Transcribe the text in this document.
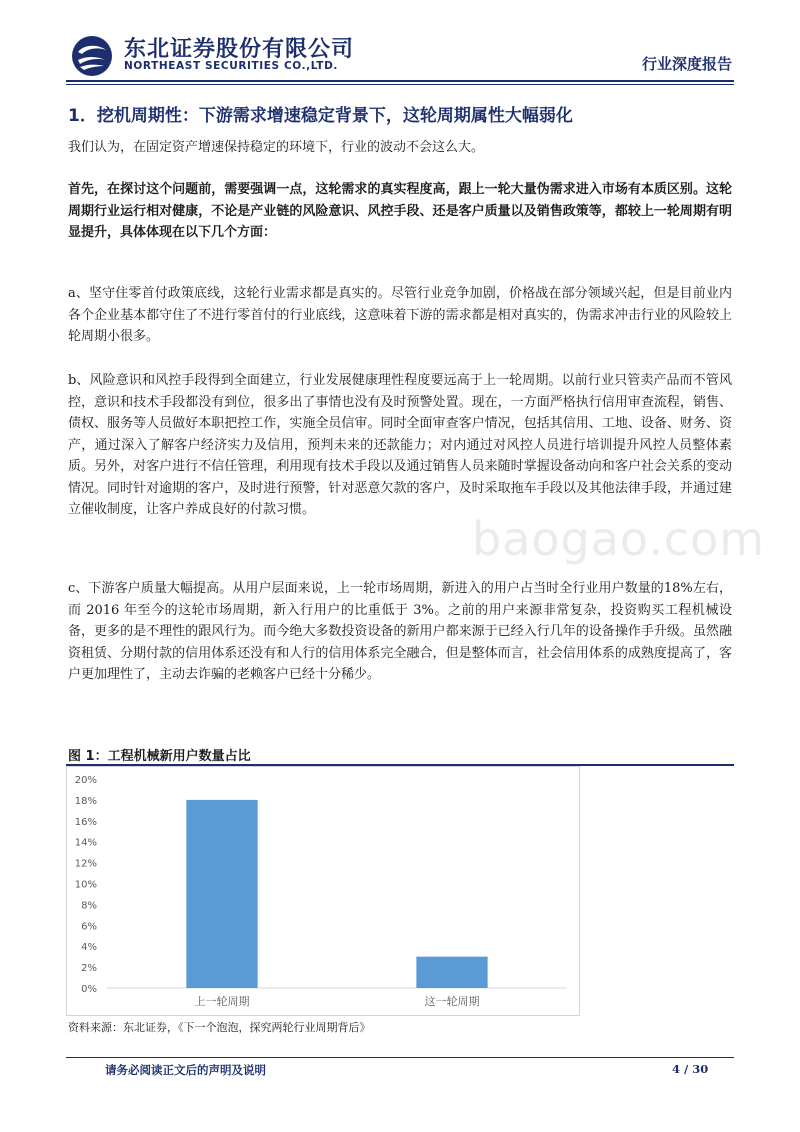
东北证券股份有限公司
NORTHEAST SECURITIES CO.,LTD.	行业深度报告
baogao.com
1．挖机周期性：下游需求增速稳定背景下，这轮周期属性大幅弱化
我们认为，在固定资产增速保持稳定的环境下，行业的波动不会这么大。
首先，在探讨这个问题前，需要强调一点，这轮需求的真实程度高，跟上一轮大量伪需求进入市场有本质区别。这轮周期行业运行相对健康，不论是产业链的风险意识、风控手段、还是客户质量以及销售政策等，都较上一轮周期有明显提升，具体体现在以下几个方面：
a、坚守住零首付政策底线，这轮行业需求都是真实的。尽管行业竞争加剧，价格战在部分领域兴起，但是目前业内各个企业基本都守住了不进行零首付的行业底线，这意味着下游的需求都是相对真实的，伪需求冲击行业的风险较上轮周期小很多。
b、风险意识和风控手段得到全面建立，行业发展健康理性程度要远高于上一轮周期。以前行业只管卖产品而不管风控，意识和技术手段都没有到位，很多出了事情也没有及时预警处置。现在，一方面严格执行信用审查流程，销售、债权、服务等人员做好本职把控工作，实施全员信审。同时全面审查客户情况，包括其信用、工地、设备、财务、资产，通过深入了解客户经济实力及信用，预判未来的还款能力；对内通过对风控人员进行培训提升风控人员整体素质。另外，对客户进行不信任管理，利用现有技术手段以及通过销售人员来随时掌握设备动向和客户社会关系的变动情况。同时针对逾期的客户，及时进行预警，针对恶意欠款的客户，及时采取拖车手段以及其他法律手段，并通过建立催收制度，让客户养成良好的付款习惯。
c、下游客户质量大幅提高。从用户层面来说，上一轮市场周期，新进入的用户占当时全行业用户数量的18%左右，而 2016 年至今的这轮市场周期，新入行用户的比重低于 3%。之前的用户来源非常复杂，投资购买工程机械设备，更多的是不理性的跟风行为。而今绝大多数投资设备的新用户都来源于已经入行几年的设备操作手升级。虽然融资租赁、分期付款的信用体系还没有和人行的信用体系完全融合，但是整体而言，社会信用体系的成熟度提高了，客户更加理性了，主动去诈骗的老赖客户已经十分稀少。
图 1：工程机械新用户数量占比
0%
2%
4%
6%
8%
10%
12%
14%
16%
18%
20%
上一轮周期	这一轮周期
资料来源：东北证券，《下一个泡泡，探究两轮行业周期背后》
请务必阅读正文后的声明及说明	4 / 30
